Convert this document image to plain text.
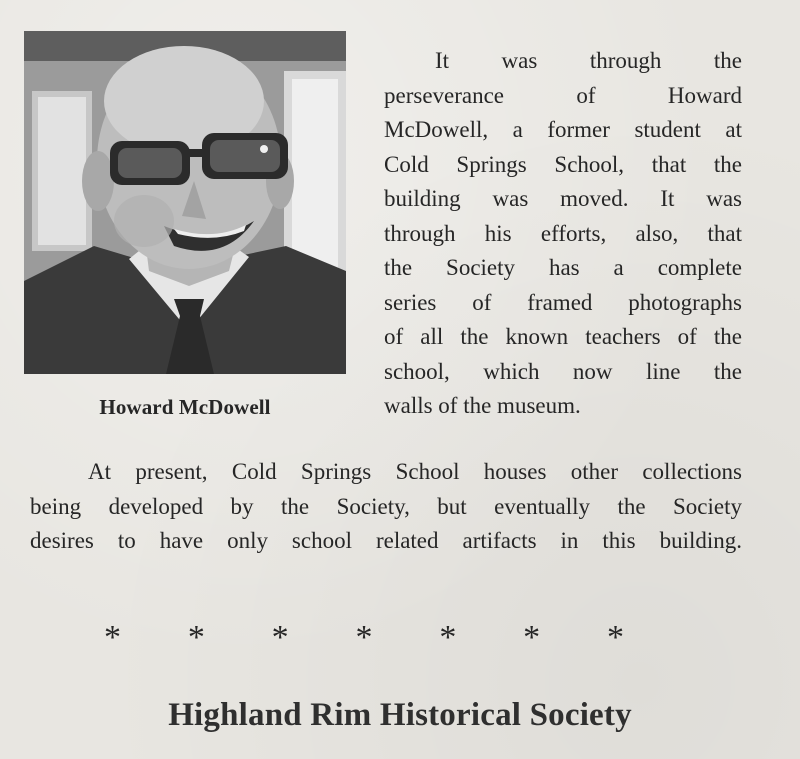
Howard McDowell
It was through the
perseverance of Howard
McDowell, a former student at
Cold Springs School, that the
building was moved. It was
through his efforts, also, that
the Society has a complete
series of framed photographs
of all the known teachers of the
school, which now line the
walls of the museum.
At present, Cold Springs School houses other collections
being developed by the Society, but eventually the Society
desires to have only school related artifacts in this building.
* * * * * * *
Highland Rim Historical Society
